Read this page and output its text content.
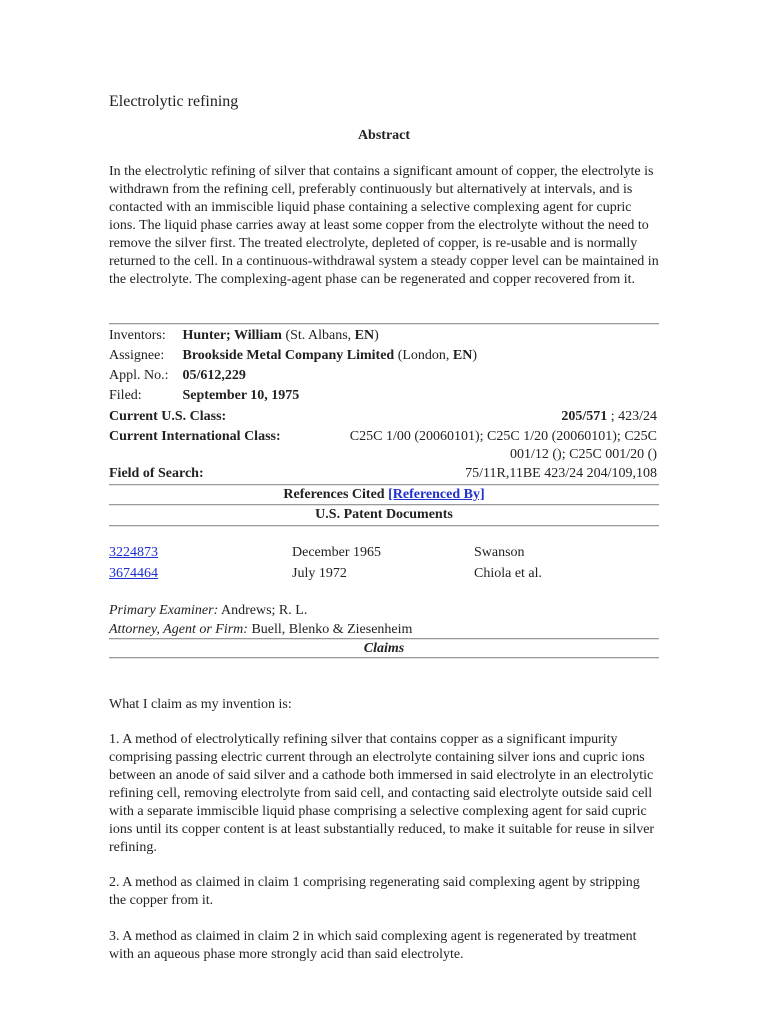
Electrolytic refining
Abstract
In the electrolytic refining of silver that contains a significant amount of copper, the electrolyte is withdrawn from the refining cell, preferably continuously but alternatively at intervals, and is contacted with an immiscible liquid phase containing a selective complexing agent for cupric ions. The liquid phase carries away at least some copper from the electrolyte without the need to remove the silver first. The treated electrolyte, depleted of copper, is re-usable and is normally returned to the cell. In a continuous-withdrawal system a steady copper level can be maintained in the electrolyte. The complexing-agent phase can be regenerated and copper recovered from it.
Inventors: Hunter; William (St. Albans, EN)
Assignee: Brookside Metal Company Limited (London, EN)
Appl. No.: 05/612,229
Filed:	September 10, 1975
Current U.S. Class:	205/571 ; 423/24
Current International Class:	C25C 1/00 (20060101); C25C 1/20 (20060101); C25C 001/12 (); C25C 001/20 ()
Field of Search:	75/11R,11BE 423/24 204/109,108
References Cited [Referenced By]
U.S. Patent Documents
3224873	December 1965	Swanson
3674464	July 1972	Chiola et al.
Primary Examiner: Andrews; R. L.
Attorney, Agent or Firm: Buell, Blenko & Ziesenheim
Claims
What I claim as my invention is:
1. A method of electrolytically refining silver that contains copper as a significant impurity comprising passing electric current through an electrolyte containing silver ions and cupric ions between an anode of said silver and a cathode both immersed in said electrolyte in an electrolytic refining cell, removing electrolyte from said cell, and contacting said electrolyte outside said cell with a separate immiscible liquid phase comprising a selective complexing agent for said cupric ions until its copper content is at least substantially reduced, to make it suitable for reuse in silver refining.
2. A method as claimed in claim 1 comprising regenerating said complexing agent by stripping the copper from it.
3. A method as claimed in claim 2 in which said complexing agent is regenerated by treatment with an aqueous phase more strongly acid than said electrolyte.
